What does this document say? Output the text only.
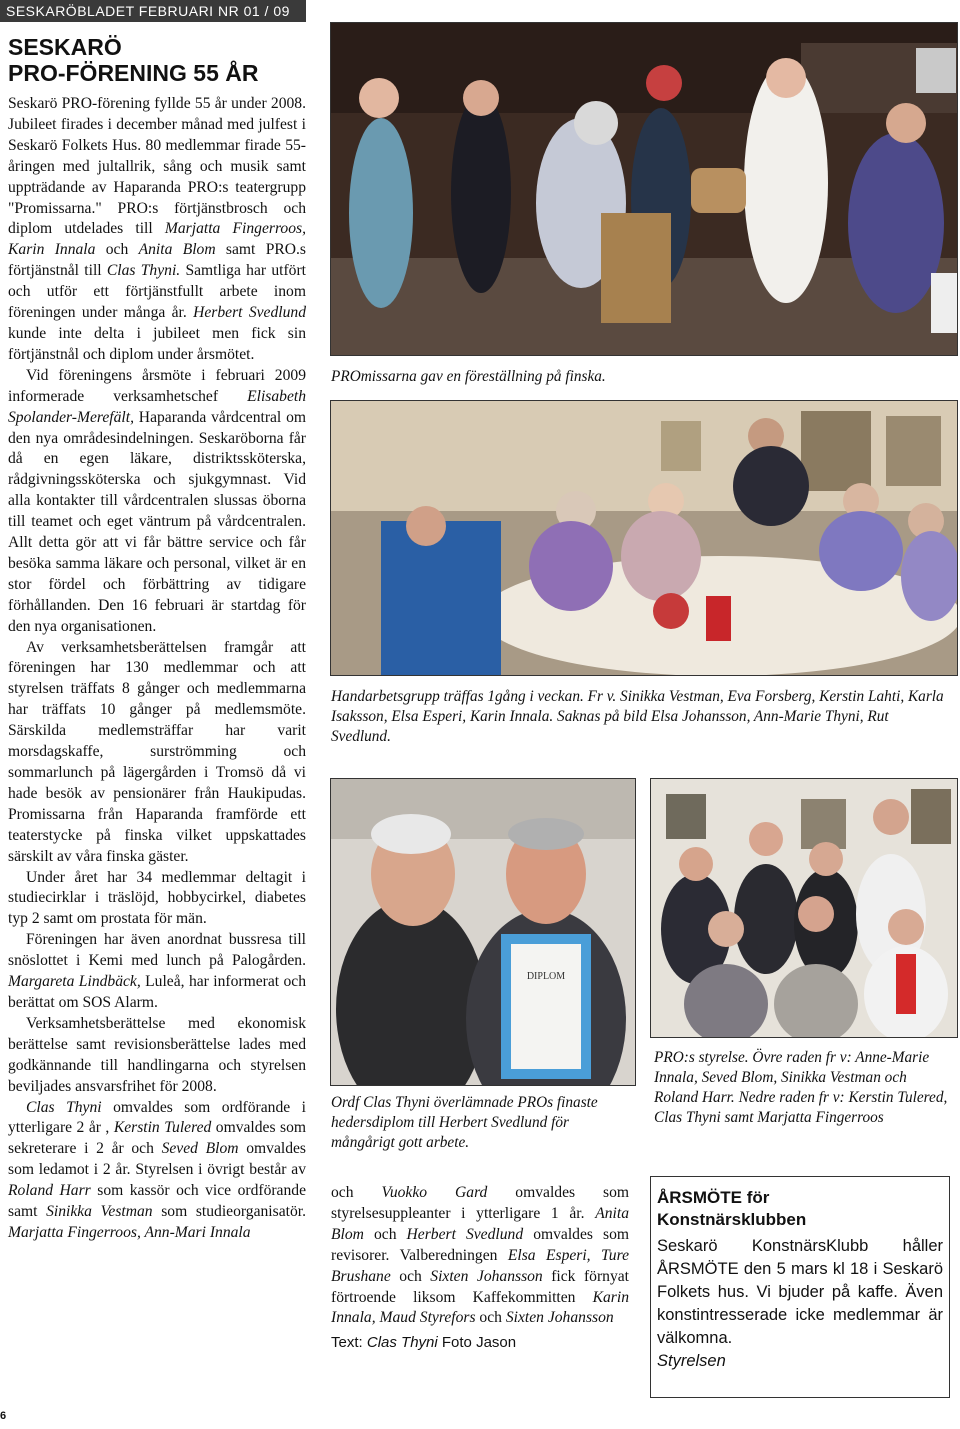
SESKARÖBLADET FEBRUARI NR 01 / 09
SESKARÖ
PRO-FÖRENING 55 ÅR

Seskarö PRO-förening fyllde 55 år under 2008. Jubileet firades i december månad med julfest i Seskarö Folkets Hus. 80 medlemmar firade 55-åringen med jultallrik, sång och musik samt uppträdande av Haparanda PRO:s teatergrupp "Promissarna." PRO:s förtjänstbrosch och diplom utdelades till Marjatta Fingerroos, Karin Innala och Anita Blom samt PRO.s förtjänstnål till Clas Thyni. Samtliga har utfört och utför ett förtjänstfullt arbete inom föreningen under många år. Herbert Svedlund kunde inte delta i jubileet men fick sin förtjänstnål och diplom under årsmötet.

Vid föreningens årsmöte i februari 2009 informerade verksamhetschef Elisabeth Spolander-Merefält, Haparanda vårdcentral om den nya områdesindelningen. Seskaröborna får då en egen läkare, distriktssköterska, rådgivningssköterska och sjukgymnast. Vid alla kontakter till vårdcentralen slussas öborna till teamet och eget väntrum på vårdcentralen. Allt detta gör att vi får bättre service och får besöka samma läkare och personal, vilket är en stor fördel och förbättring av tidigare förhållanden. Den 16 februari är startdag för den nya organisationen.

Av verksamhetsberättelsen framgår att föreningen har 130 medlemmar och att styrelsen träffats 8 gånger och medlemmarna har träffats 10 gånger på medlemsmöte. Särskilda medlemsträffar har varit morsdagskaffe, surströmming och sommarlunch på lägergården i Tromsö då vi hade besök av pensionärer från Haukipudas. Promissarna från Haparanda framförde ett teaterstycke på finska vilket uppskattades särskilt av våra finska gäster.

Under året har 34 medlemmar deltagit i studiecirklar i träslöjd, hobbycirkel, diabetes typ 2 samt om prostata för män.

Föreningen har även anordnat bussresa till snöslottet i Kemi med lunch på Palogården. Margareta Lindbäck, Luleå, har informerat och berättat om SOS Alarm.

Verksamhetsberättelse med ekonomisk berättelse samt revisionsberättelse lades med godkännande till handlingarna och styrelsen beviljades ansvarsfrihet för 2008.

Clas Thyni omvaldes som ordförande i ytterligare 2 år , Kerstin Tulered omvaldes som sekreterare i 2 år och Seved Blom omvaldes som ledamot i 2 år. Styrelsen i övrigt består av Roland Harr som kassör och vice ordförande samt Sinikka Vestman som studieorganisatör. Marjatta Fingerroos, Ann-Mari Innala

PROmissarna gav en föreställning på finska.
Handarbetsgrupp träffas 1gång i veckan. Fr v. Sinikka Vestman, Eva Forsberg, Kerstin Lahti, Karla Isaksson, Elsa Esperi, Karin Innala. Saknas på bild Elsa Johansson, Ann-Marie Thyni, Rut Svedlund.
DIPLOM
Ordf Clas Thyni överlämnade PROs finaste hedersdiplom till Herbert Svedlund för mångårigt gott arbete.
PRO:s styrelse. Övre raden fr v: Anne-Marie Innala, Seved Blom, Sinikka Vestman och Roland Harr. Nedre raden fr v: Kerstin Tulered, Clas Thyni samt Marjatta Fingerroos

och Vuokko Gard omvaldes som styrelsesuppleanter i ytterligare 1 år. Anita Blom och Herbert Svedlund omvaldes som revisorer. Valberedningen Elsa Esperi, Ture Brushane och Sixten Johansson fick förnyat förtroende liksom Kaffekommitten Karin Innala, Maud Styrefors och Sixten Johansson

Text: Clas Thyni Foto Jason

ÅRSMÖTE för
Konstnärsklubben
Seskarö KonstnärsKlubb håller ÅRSMÖTE den 5 mars kl 18 i Seskarö Folkets hus. Vi bjuder på kaffe. Även konstintresserade icke medlemmar är välkomna.
Styrelsen
6
